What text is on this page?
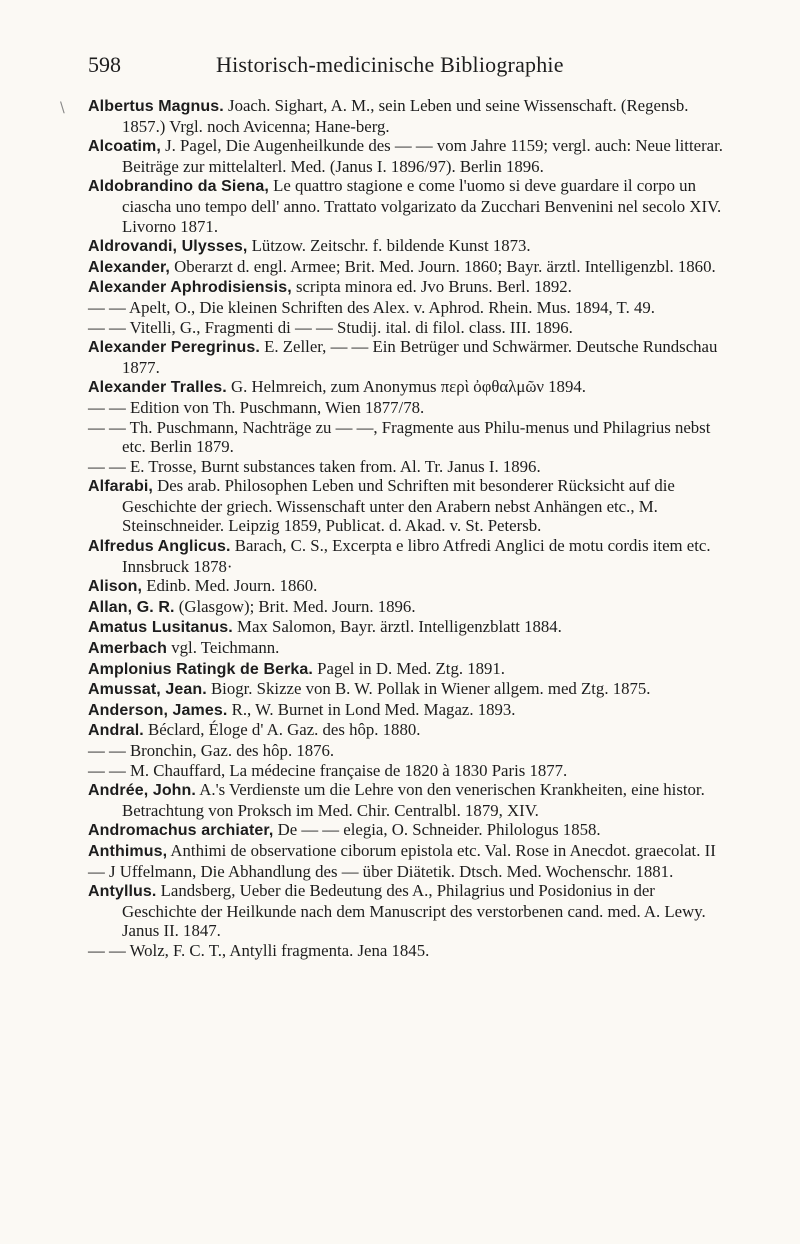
598	Historisch-medicinische Bibliographie
\ Albertus Magnus. Joach. Sighart, A. M., sein Leben und seine Wissenschaft. (Regensb. 1857.) Vrgl. noch Avicenna; Hane-berg.

Alcoatim, J. Pagel, Die Augenheilkunde des — — vom Jahre 1159; vergl. auch: Neue litterar. Beiträge zur mittelalterl. Med. (Janus I. 1896/97). Berlin 1896.

Aldobrandino da Siena, Le quattro stagione e come l'uomo si deve guardare il corpo un ciascha uno tempo dell' anno. Trattato volgarizato da Zucchari Benvenini nel secolo XIV. Livorno 1871.

Aldrovandi, Ulysses, Lützow. Zeitschr. f. bildende Kunst 1873.

Alexander, Oberarzt d. engl. Armee; Brit. Med. Journ. 1860; Bayr. ärztl. Intelligenzbl. 1860.

Alexander Aphrodisiensis, scripta minora ed. Jvo Bruns. Berl. 1892.

— — Apelt, O., Die kleinen Schriften des Alex. v. Aphrod. Rhein. Mus. 1894, T. 49.

— — Vitelli, G., Fragmenti di — — Studij. ital. di filol. class. III. 1896.

Alexander Peregrinus. E. Zeller, — — Ein Betrüger und Schwärmer. Deutsche Rundschau 1877.

Alexander Tralles. G. Helmreich, zum Anonymus περὶ ὀφθαλμῶν 1894.

— — Edition von Th. Puschmann, Wien 1877/78.

— — Th. Puschmann, Nachträge zu — —, Fragmente aus Philu-menus und Philagrius nebst etc. Berlin 1879.

— — E. Trosse, Burnt substances taken from. Al. Tr. Janus I. 1896.

Alfarabi, Des arab. Philosophen Leben und Schriften mit besonderer Rücksicht auf die Geschichte der griech. Wissenschaft unter den Arabern nebst Anhängen etc., M. Steinschneider. Leipzig 1859, Publicat. d. Akad. v. St. Petersb.

Alfredus Anglicus. Barach, C. S., Excerpta e libro Atfredi Anglici de motu cordis item etc. Innsbruck 1878·

Alison, Edinb. Med. Journ. 1860.

Allan, G. R. (Glasgow); Brit. Med. Journ. 1896.

Amatus Lusitanus. Max Salomon, Bayr. ärztl. Intelligenzblatt 1884.

Amerbach vgl. Teichmann.

Amplonius Ratingk de Berka. Pagel in D. Med. Ztg. 1891.

Amussat, Jean. Biogr. Skizze von B. W. Pollak in Wiener allgem. med Ztg. 1875.

Anderson, James. R., W. Burnet in Lond Med. Magaz. 1893.

Andral. Béclard, Éloge d' A. Gaz. des hôp. 1880.

— — Bronchin, Gaz. des hôp. 1876.

— — M. Chauffard, La médecine française de 1820 à 1830 Paris 1877.

Andrée, John. A.'s Verdienste um die Lehre von den venerischen Krankheiten, eine histor. Betrachtung von Proksch im Med. Chir. Centralbl. 1879, XIV.

Andromachus archiater, De — — elegia, O. Schneider. Philologus 1858.

Anthimus, Anthimi de observatione ciborum epistola etc. Val. Rose in Anecdot. graecolat. II

— J Uffelmann, Die Abhandlung des — über Diätetik. Dtsch. Med. Wochenschr. 1881.

Antyllus. Landsberg, Ueber die Bedeutung des A., Philagrius und Posidonius in der Geschichte der Heilkunde nach dem Manuscript des verstorbenen cand. med. A. Lewy. Janus II. 1847.

— — Wolz, F. C. T., Antylli fragmenta. Jena 1845.
